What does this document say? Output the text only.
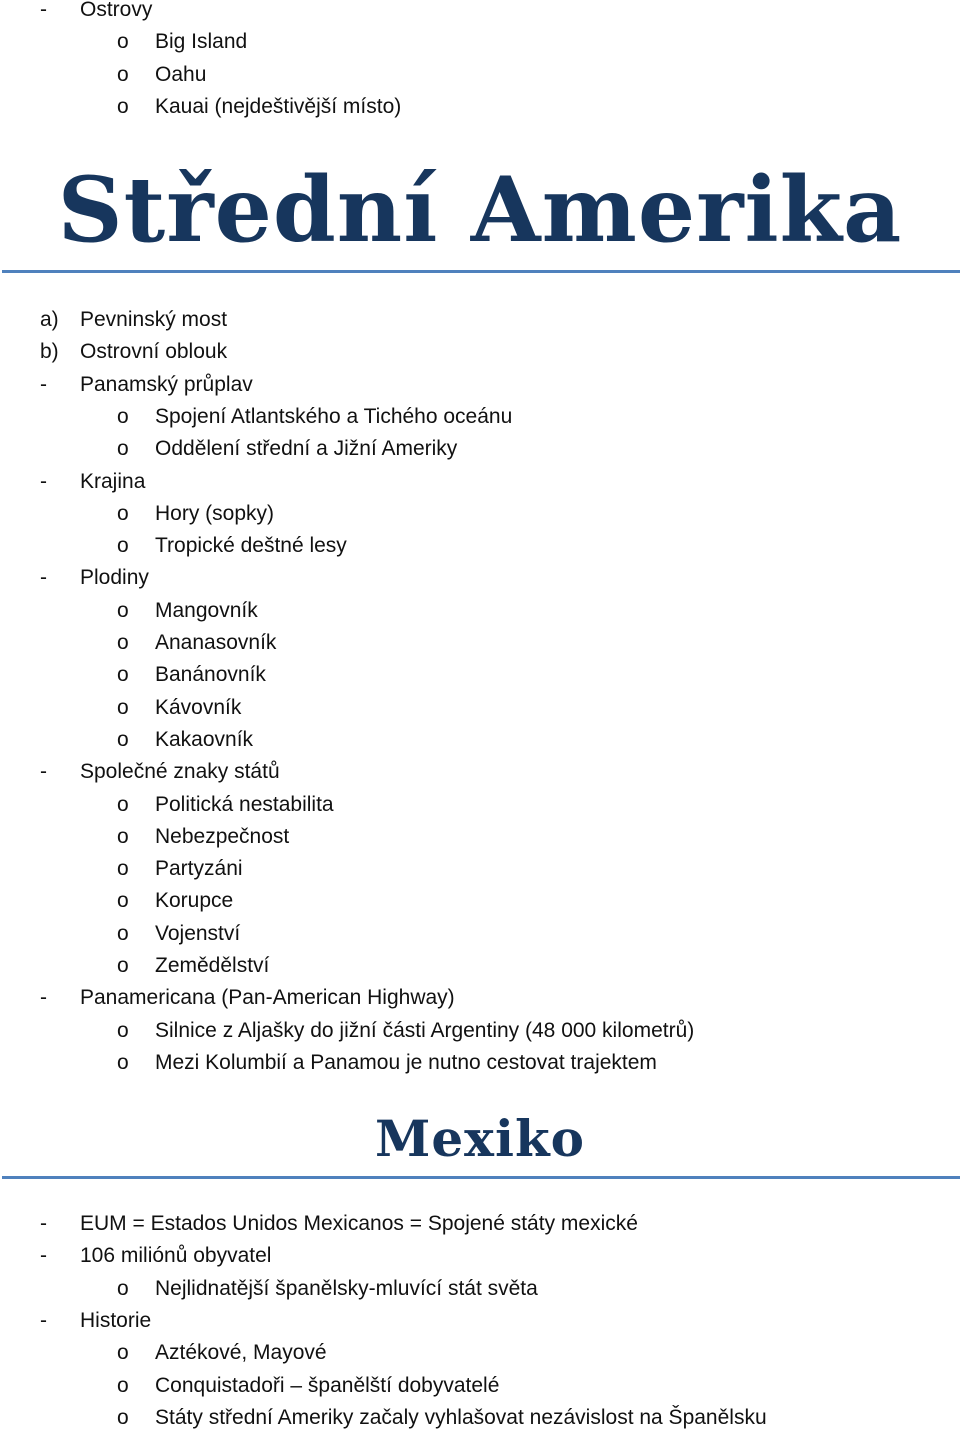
Střední Amerika
Mexiko
- Ostrovy
o Big Island
o Oahu
o Kauai (nejdeštivější místo)
a) Pevninský most
b) Ostrovní oblouk
- Panamský průplav
o Spojení Atlantského a Tichého oceánu
o Oddělení střední a Jižní Ameriky
- Krajina
o Hory (sopky)
o Tropické deštné lesy
- Plodiny
o Mangovník
o Ananasovník
o Banánovník
o Kávovník
o Kakaovník
- Společné znaky států
o Politická nestabilita
o Nebezpečnost
o Partyzáni
o Korupce
o Vojenství
o Zemědělství
- Panamericana (Pan-American Highway)
o Silnice z Aljašky do jižní části Argentiny (48 000 kilometrů)
o Mezi Kolumbií a Panamou je nutno cestovat trajektem
- EUM = Estados Unidos Mexicanos = Spojené státy mexické
- 106 miliónů obyvatel
o Nejlidnatější španělsky-mluvící stát světa
- Historie
o Aztékové, Mayové
o Conquistadoři – španělští dobyvatelé
o Státy střední Ameriky začaly vyhlašovat nezávislost na Španělsku
